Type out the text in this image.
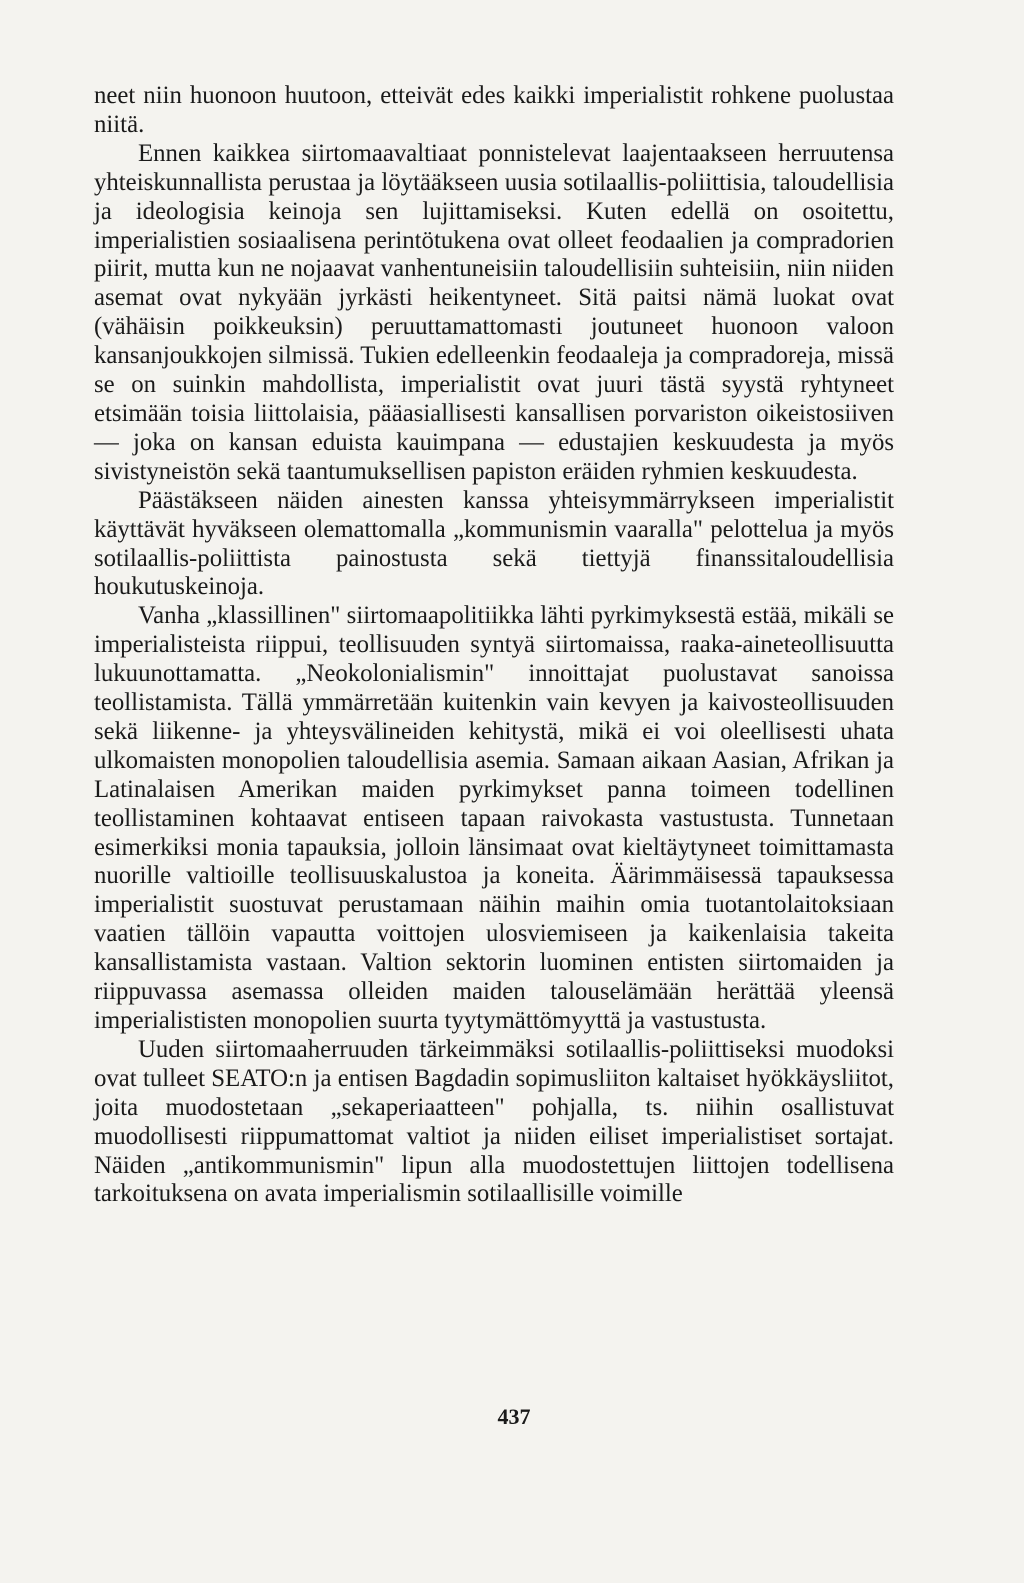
neet niin huonoon huutoon, etteivät edes kaikki imperialistit rohkene puolustaa niitä.

Ennen kaikkea siirtomaavaltiaat ponnistelevat laajentaakseen herruutensa yhteiskunnallista perustaa ja löytääkseen uusia sotilaallis-poliittisia, taloudellisia ja ideologisia keinoja sen lujittamiseksi. Kuten edellä on osoitettu, imperialistien sosiaalisena perintötukena ovat olleet feodaalien ja compradorien piirit, mutta kun ne nojaavat vanhentuneisiin taloudellisiin suhteisiin, niin niiden asemat ovat nykyään jyrkästi heikentyneet. Sitä paitsi nämä luokat ovat (vähäisin poikkeuksin) peruuttamattomasti joutuneet huonoon valoon kansanjoukkojen silmissä. Tukien edelleenkin feodaaleja ja compradoreja, missä se on suinkin mahdollista, imperialistit ovat juuri tästä syystä ryhtyneet etsimään toisia liittolaisia, pääasiallisesti kansallisen porvariston oikeistosiiven — joka on kansan eduista kauimpana — edustajien keskuudesta ja myös sivistyneistön sekä taantumuksellisen papiston eräiden ryhmien keskuudesta.

Päästäkseen näiden ainesten kanssa yhteisymmärrykseen imperialistit käyttävät hyväkseen olemattomalla „kommunismin vaaralla" pelottelua ja myös sotilaallis-poliittista painostusta sekä tiettyjä finanssitaloudellisia houkutuskeinoja.

Vanha „klassillinen" siirtomaapolitiikka lähti pyrkimyksestä estää, mikäli se imperialisteista riippui, teollisuuden syntyä siirtomaissa, raaka-aineteollisuutta lukuunottamatta. „Neokolonialismin" innoittajat puolustavat sanoissa teollistamista. Tällä ymmärretään kuitenkin vain kevyen ja kaivosteollisuuden sekä liikenne- ja yhteysvälineiden kehitystä, mikä ei voi oleellisesti uhata ulkomaisten monopolien taloudellisia asemia. Samaan aikaan Aasian, Afrikan ja Latinalaisen Amerikan maiden pyrkimykset panna toimeen todellinen teollistaminen kohtaavat entiseen tapaan raivokasta vastustusta. Tunnetaan esimerkiksi monia tapauksia, jolloin länsimaat ovat kieltäytyneet toimittamasta nuorille valtioille teollisuuskalustoa ja koneita. Äärimmäisessä tapauksessa imperialistit suostuvat perustamaan näihin maihin omia tuotantolaitoksiaan vaatien tällöin vapautta voittojen ulosviemiseen ja kaikenlaisia takeita kansallistamista vastaan. Valtion sektorin luominen entisten siirtomaiden ja riippuvassa asemassa olleiden maiden talouselämään herättää yleensä imperialististen monopolien suurta tyytymättömyyttä ja vastustusta.

Uuden siirtomaaherruuden tärkeimmäksi sotilaallis-poliittiseksi muodoksi ovat tulleet SEATO:n ja entisen Bagdadin sopimusliiton kaltaiset hyökkäysliitot, joita muodostetaan „sekaperiaatteen" pohjalla, ts. niihin osallistuvat muodollisesti riippumattomat valtiot ja niiden eiliset imperialistiset sortajat. Näiden „antikommunismin" lipun alla muodostettujen liittojen todellisena tarkoituksena on avata imperialismin sotilaallisille voimille

437
